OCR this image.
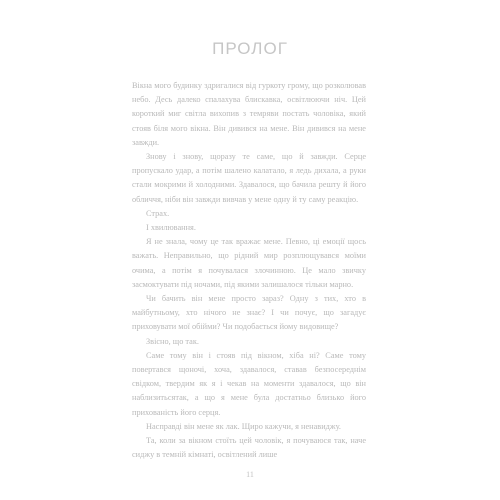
ПРОЛОГ

Вікна мого будинку здригалися від гуркоту грому, що розколював небо. Десь далеко спалахува блискавка, освітлюючи ніч. Цей короткий миг світла вихопив з темряви постать чоловіка, який стояв біля мого вікна. Він дивився на мене. Він дивився на мене завжди.

Знову і знову, щоразу те саме, що й завжди. Серце пропускало удар, а потім шалено калатало, я ледь дихала, а руки стали мокрими й холодними. Здавалося, що бачила решту й його обличчя, ніби він завжди вивчав у мене одну й ту саму реакцію.

Страх.

І хвилювання.

Я не знала, чому це так вражає мене. Певно, ці емоції щось важать. Неправильно, що рідний мир розплющувався моїми очима, а потім я почувалася злочинною. Це мало звичку засмоктувати під ночами, під якими залишалося тільки марно.

Чи бачить він мене просто зараз? Одну з тих, хто в майбутньому, хто нічого не знає? І чи почує, що загадує приховувати мої обійми? Чи подобається йому видовище?

Звісно, що так.

Саме тому він і стояв під вікном, хіба ні? Саме тому повертався щоночі, хоча, здавалося, ставав безпосереднім свідком, твердим як я і чекав на моменти здавалося, що він наблизитьсятак, а що я мене була достатньо близько його прихованість його серця.

Насправді він мене як лак. Щиро кажучи, я ненавиджу.

Та, коли за вікном стоїть цей чоловік, я почуваюся так, наче сиджу в темній кімнаті, освітлений лише

11
